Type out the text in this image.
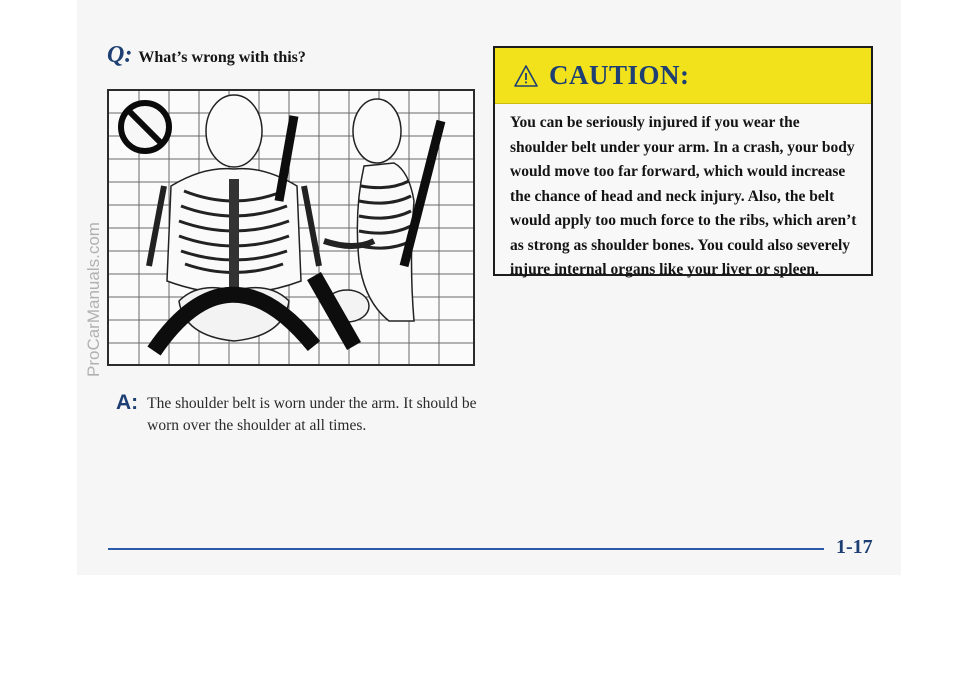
Q: What’s wrong with this?
A: The shoulder belt is worn under the arm. It should be worn over the shoulder at all times.
CAUTION:
You can be seriously injured if you wear the shoulder belt under your arm. In a crash, your body would move too far forward, which would increase the chance of head and neck injury. Also, the belt would apply too much force to the ribs, which aren’t as strong as shoulder bones. You could also severely injure internal organs like your liver or spleen.
1-17
ProCarManuals.com
